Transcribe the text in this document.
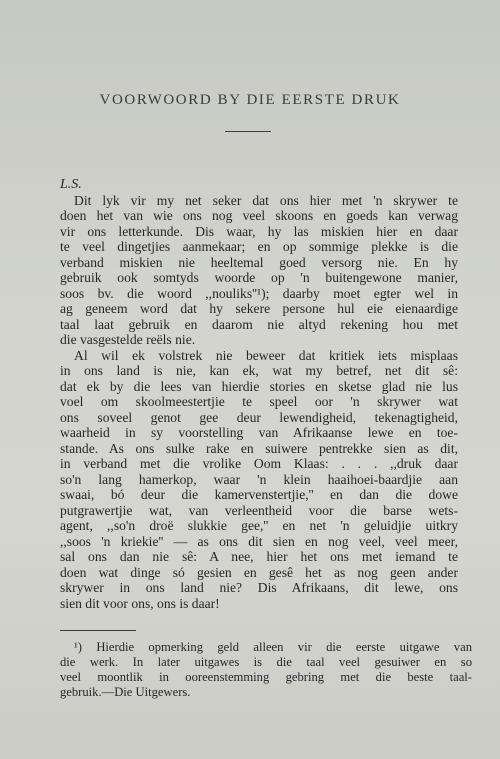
VOORWOORD BY DIE EERSTE DRUK

L.S.

Dit lyk vir my net seker dat ons hier met 'n skrywer te
doen het van wie ons nog veel skoons en goeds kan verwag
vir ons letterkunde. Dis waar, hy las miskien hier en daar
te veel dingetjies aanmekaar; en op sommige plekke is die
verband miskien nie heeltemal goed versorg nie. En hy
gebruik ook somtyds woorde op 'n buitengewone manier,
soos bv. die woord ,,nouliks''¹); daarby moet egter wel in
ag geneem word dat hy sekere persone hul eie eienaardige
taal laat gebruik en daarom nie altyd rekening hou met
die vasgestelde reëls nie.
Al wil ek volstrek nie beweer dat kritiek iets misplaas
in ons land is nie, kan ek, wat my betref, net dit sê:
dat ek by die lees van hierdie stories en sketse glad nie lus
voel om skoolmeestertjie te speel oor 'n skrywer wat
ons soveel genot gee deur lewendigheid, tekenagtigheid,
waarheid in sy voorstelling van Afrikaanse lewe en toe-
stande. As ons sulke rake en suiwere pentrekke sien as dit,
in verband met die vrolike Oom Klaas: . . . ,,druk daar
so'n lang hamerkop, waar 'n klein haaihoei-baardjie aan
swaai, bó deur die kamervenstertjie,'' en dan die dowe
putgrawertjie wat, van verleentheid voor die barse wets-
agent, ,,so'n droë slukkie gee,'' en net 'n geluidjie uitkry
,,soos 'n kriekie'' — as ons dit sien en nog veel, veel meer,
sal ons dan nie sê: A nee, hier het ons met iemand te
doen wat dinge só gesien en gesê het as nog geen ander
skrywer in ons land nie? Dis Afrikaans, dit lewe, ons
sien dit voor ons, ons is daar!
¹) Hierdie opmerking geld alleen vir die eerste uitgawe van
die werk. In later uitgawes is die taal veel gesuiwer en so
veel moontlik in ooreenstemming gebring met die beste taal-
gebruik.—Die Uitgewers.
